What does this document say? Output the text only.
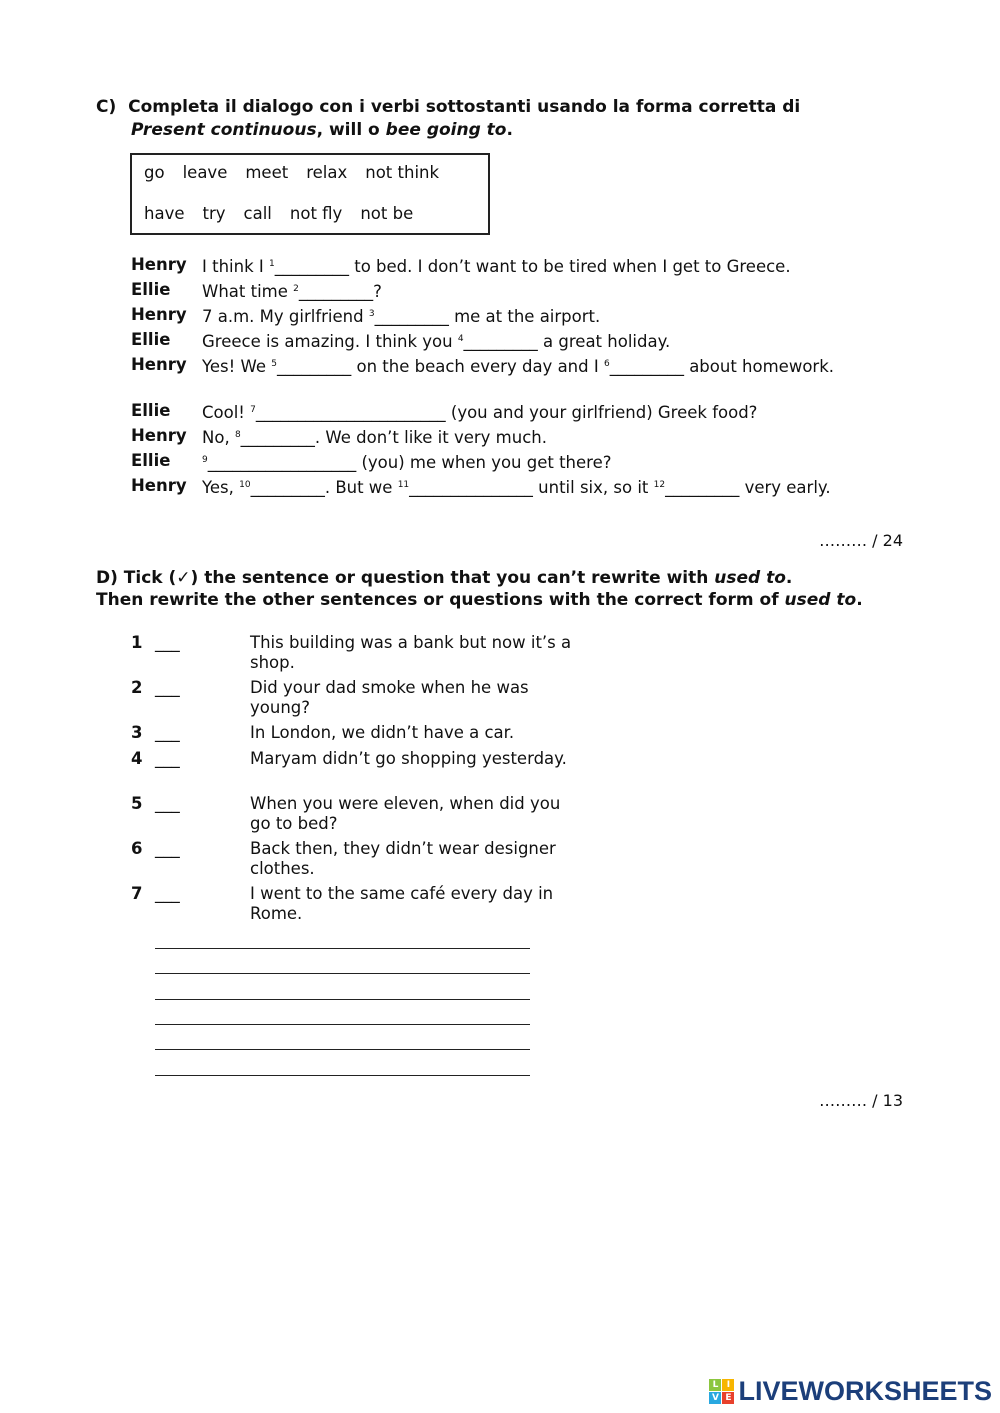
C) Completa il dialogo con i verbi sottostanti usando la forma corretta di
Present continuous, will o bee going to.
go leave meet relax not think
have try call not fly not be
Henry I think I $^1$_________ to bed. I don’t want to be tired when I get to Greece.
Ellie What time $^2$_________?
Henry 7 a.m. My girlfriend $^3$_________ me at the airport.
Ellie Greece is amazing. I think you $^4$_________ a great holiday.
Henry Yes! We $^5$_________ on the beach every day and I $^6$_________ about homework.
Ellie Cool! $^7$_______________________ (you and your girlfriend) Greek food?
Henry No, $^8$_________. We don’t like it very much.
Ellie	$^9$__________________ (you) me when you get there?
Henry Yes, $^{10}$_________. But we $^{11}$_______________ until six, so it $^{12}$_________ very early.
……… / 24
D) Tick (✓) the sentence or question that you can’t rewrite with used to.
Then rewrite the other sentences or questions with the correct form of used to.
1 ___	This building was a bank but now it’s a shop.
2 ___	Did your dad smoke when he was young?
3 ___	In London, we didn’t have a car.
4 ___	Maryam didn’t go shopping yesterday.
5 ___	When you were eleven, when did you go to bed?
6 ___	Back then, they didn’t wear designer clothes.
7 ___	I went to the same café every day in Rome.
……… / 13
L I
V E LIVEWORKSHEETS
